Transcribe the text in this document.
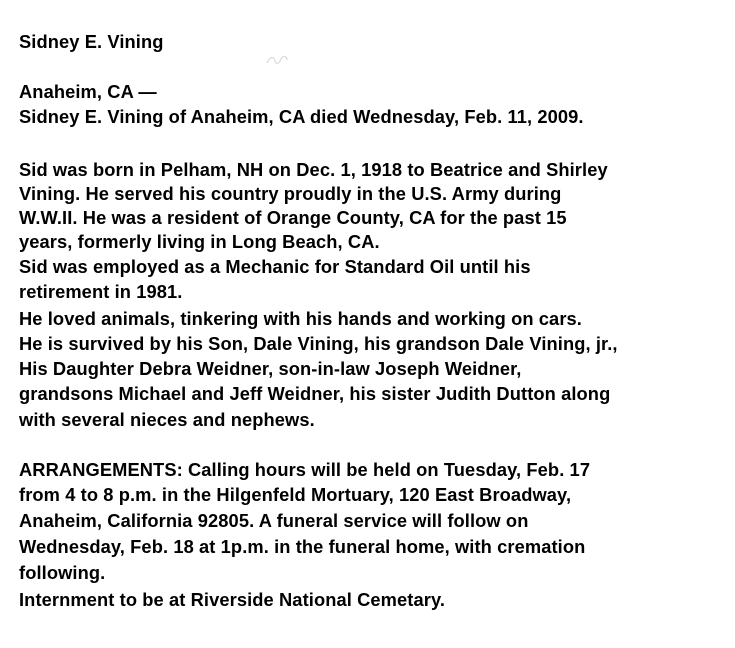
Sidney E. Vining

Anaheim, CA —

Sidney E. Vining of Anaheim, CA died Wednesday, Feb. 11, 2009.

Sid was born in Pelham, NH on Dec. 1, 1918 to Beatrice and Shirley

Vining. He served his country proudly in the U.S. Army during

W.W.II. He was a resident of Orange County, CA for the past 15

years, formerly living in Long Beach, CA.

Sid was employed as a Mechanic for Standard Oil until his

retirement in 1981.

He loved animals, tinkering with his hands and working on cars.

He is survived by his Son, Dale Vining, his grandson Dale Vining, jr.,

His Daughter Debra Weidner, son-in-law Joseph Weidner,

grandsons Michael and Jeff Weidner, his sister Judith Dutton along

with several nieces and nephews.

ARRANGEMENTS: Calling hours will be held on Tuesday, Feb. 17

from 4 to 8 p.m. in the Hilgenfeld Mortuary, 120 East Broadway,

Anaheim, California 92805. A funeral service will follow on

Wednesday, Feb. 18 at 1p.m. in the funeral home, with cremation

following.

Internment to be at Riverside National Cemetary.
